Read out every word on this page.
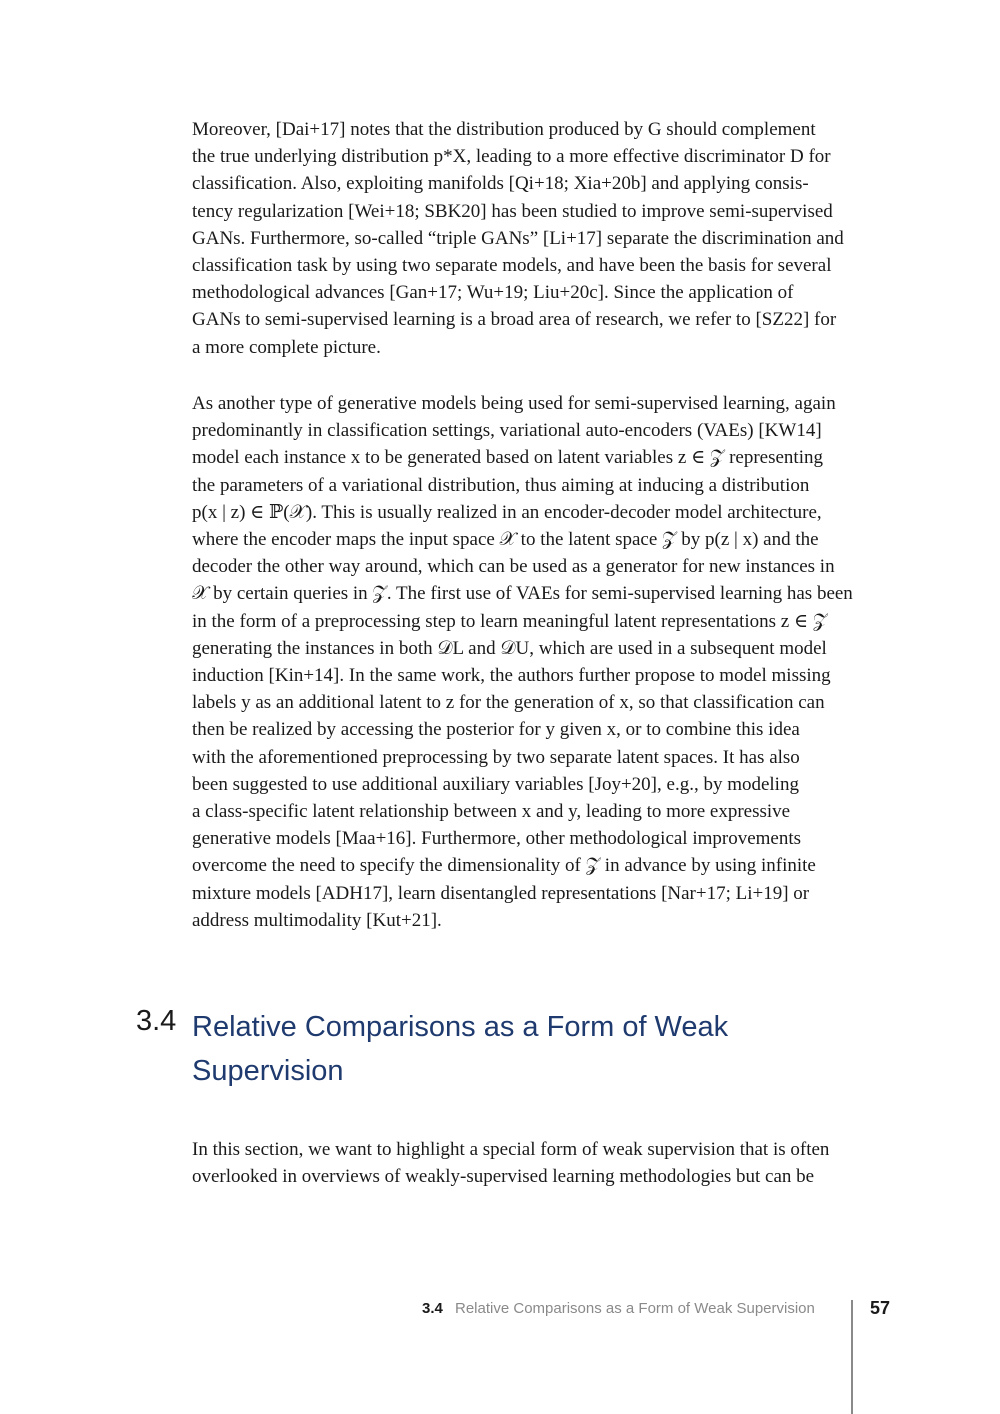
Moreover, [Dai+17] notes that the distribution produced by G should complement
the true underlying distribution p*X, leading to a more effective discriminator D for
classification. Also, exploiting manifolds [Qi+18; Xia+20b] and applying consis-
tency regularization [Wei+18; SBK20] has been studied to improve semi-supervised
GANs. Furthermore, so-called “triple GANs” [Li+17] separate the discrimination and
classification task by using two separate models, and have been the basis for several
methodological advances [Gan+17; Wu+19; Liu+20c]. Since the application of
GANs to semi-supervised learning is a broad area of research, we refer to [SZ22] for
a more complete picture.
As another type of generative models being used for semi-supervised learning, again
predominantly in classification settings, variational auto-encoders (VAEs) [KW14]
model each instance x to be generated based on latent variables z ∈ 𝒵 representing
the parameters of a variational distribution, thus aiming at inducing a distribution
p(x | z) ∈ ℙ(𝒳). This is usually realized in an encoder-decoder model architecture,
where the encoder maps the input space 𝒳 to the latent space 𝒵 by p(z | x) and the
decoder the other way around, which can be used as a generator for new instances in
𝒳 by certain queries in 𝒵. The first use of VAEs for semi-supervised learning has been
in the form of a preprocessing step to learn meaningful latent representations z ∈ 𝒵
generating the instances in both 𝒟L and 𝒟U, which are used in a subsequent model
induction [Kin+14]. In the same work, the authors further propose to model missing
labels y as an additional latent to z for the generation of x, so that classification can
then be realized by accessing the posterior for y given x, or to combine this idea
with the aforementioned preprocessing by two separate latent spaces. It has also
been suggested to use additional auxiliary variables [Joy+20], e.g., by modeling
a class-specific latent relationship between x and y, leading to more expressive
generative models [Maa+16]. Furthermore, other methodological improvements
overcome the need to specify the dimensionality of 𝒵 in advance by using infinite
mixture models [ADH17], learn disentangled representations [Nar+17; Li+19] or
address multimodality [Kut+21].
3.4 Relative Comparisons as a Form of Weak
Supervision
In this section, we want to highlight a special form of weak supervision that is often
overlooked in overviews of weakly-supervised learning methodologies but can be
3.4 Relative Comparisons as a Form of Weak Supervision	57
